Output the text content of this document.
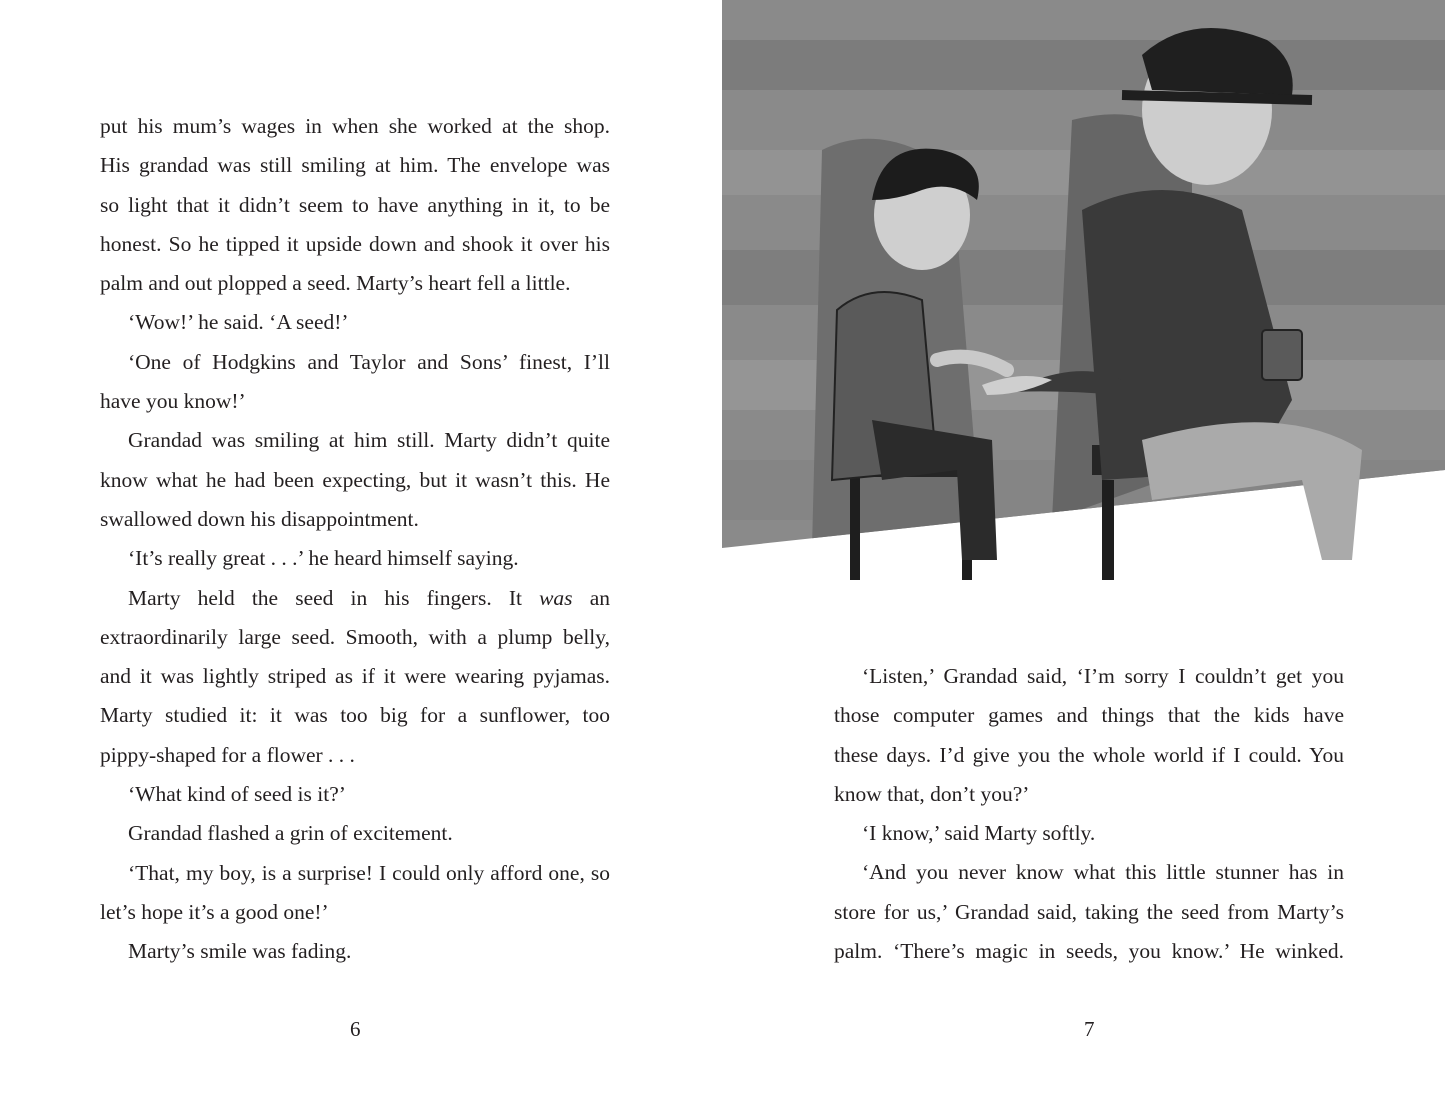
put his mum’s wages in when she worked at the shop.
His grandad was still smiling at him. The envelope was
so light that it didn’t seem to have anything in it, to be
honest. So he tipped it upside down and shook it over his
palm and out plopped a seed. Marty’s heart fell a little.
‘Wow!’ he said. ‘A seed!’
‘One of Hodgkins and Taylor and Sons’ finest, I’ll
have you know!’
Grandad was smiling at him still. Marty didn’t quite
know what he had been expecting, but it wasn’t this. He
swallowed down his disappointment.
‘It’s really great . . .’ he heard himself saying.
Marty held the seed in his fingers. It was an
extraordinarily large seed. Smooth, with a plump belly,
and it was lightly striped as if it were wearing pyjamas.
Marty studied it: it was too big for a sunflower, too
pippy-shaped for a flower . . .
‘What kind of seed is it?’
Grandad flashed a grin of excitement.
‘That, my boy, is a surprise! I could only afford one, so
let’s hope it’s a good one!’
Marty’s smile was fading.
6
‘Listen,’ Grandad said, ‘I’m sorry I couldn’t get you
those computer games and things that the kids have
these days. I’d give you the whole world if I could. You
know that, don’t you?’
‘I know,’ said Marty softly.
‘And you never know what this little stunner has in
store for us,’ Grandad said, taking the seed from Marty’s
palm. ‘There’s magic in seeds, you know.’ He winked.
7
